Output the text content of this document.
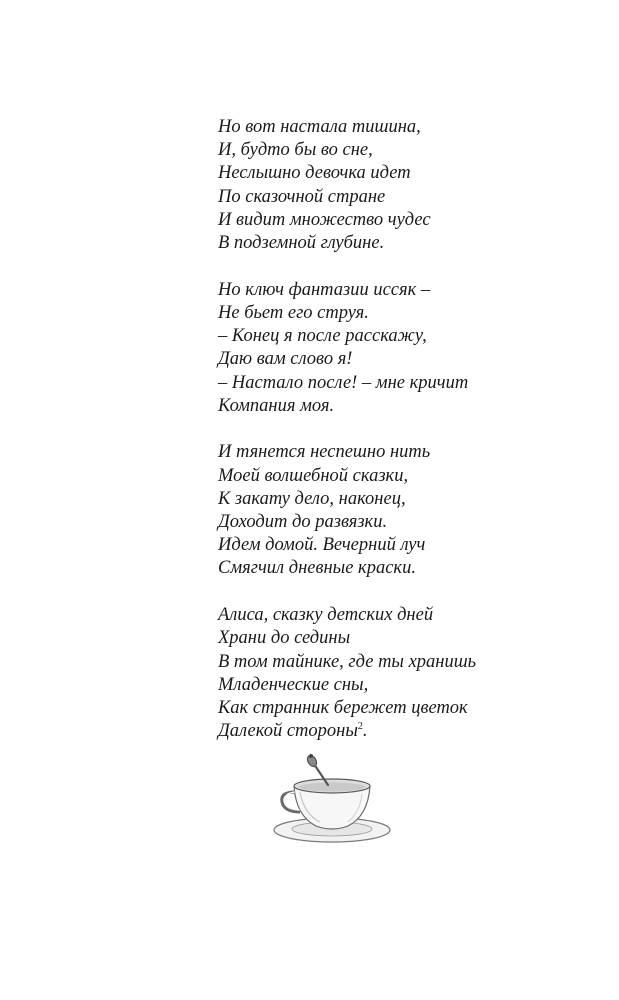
Но вот настала тишина,
И, будто бы во сне,
Неслышно девочка идет
По сказочной стране
И видит множество чудес
В подземной глубине.
Но ключ фантазии иссяк –
Не бьет его струя.
– Конец я после расскажу,
Даю вам слово я!
– Настало после! – мне кричит
Компания моя.
И тянется неспешно нить
Моей волшебной сказки,
К закату дело, наконец,
Доходит до развязки.
Идем домой. Вечерний луч
Смягчил дневные краски.
Алиса, сказку детских дней
Храни до седины
В том тайнике, где ты хранишь
Младенческие сны,
Как странник бережет цветок
Далекой стороны$^2$.
